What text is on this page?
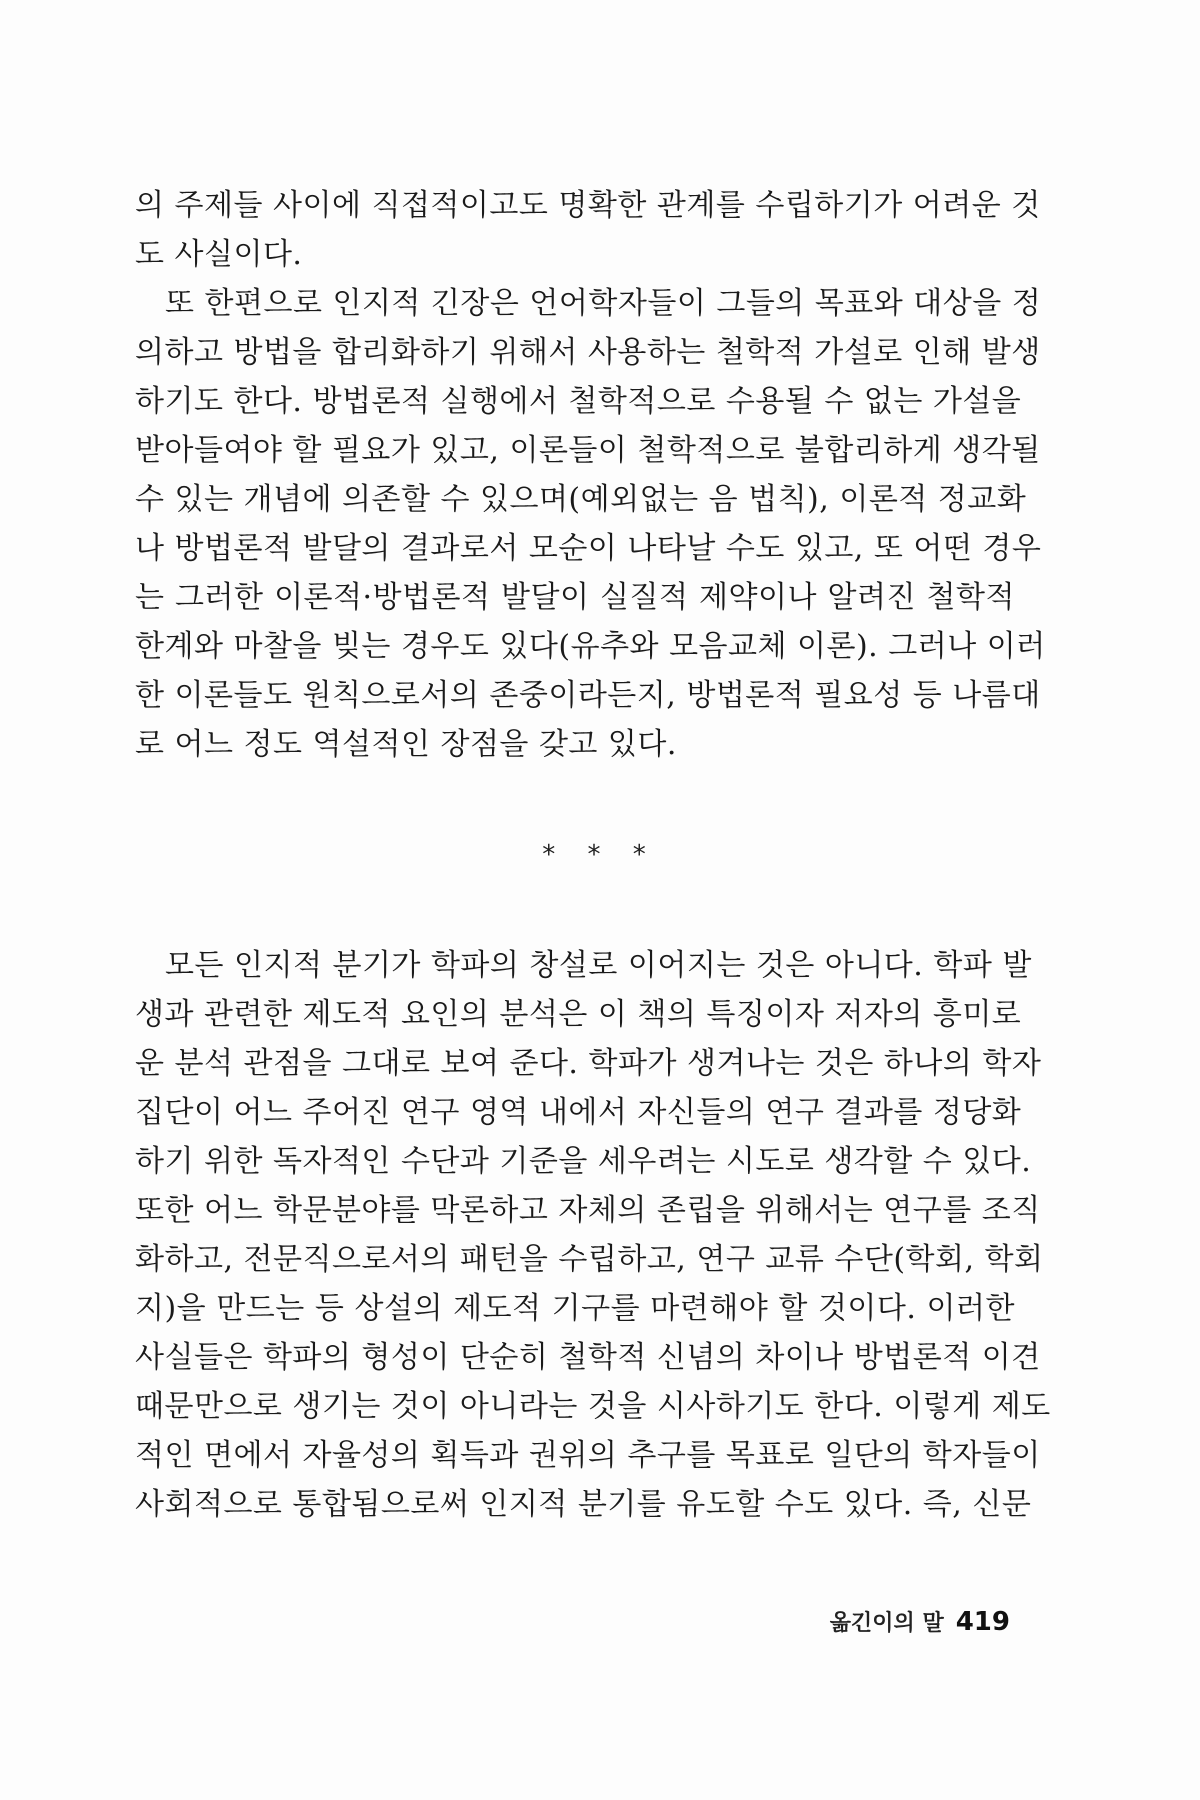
의 주제들 사이에 직접적이고도 명확한 관계를 수립하기가 어려운 것
도 사실이다.
또 한편으로 인지적 긴장은 언어학자들이 그들의 목표와 대상을 정
의하고 방법을 합리화하기 위해서 사용하는 철학적 가설로 인해 발생
하기도 한다. 방법론적 실행에서 철학적으로 수용될 수 없는 가설을
받아들여야 할 필요가 있고, 이론들이 철학적으로 불합리하게 생각될
수 있는 개념에 의존할 수 있으며(예외없는 음 법칙), 이론적 정교화
나 방법론적 발달의 결과로서 모순이 나타날 수도 있고, 또 어떤 경우
는 그러한 이론적·방법론적 발달이 실질적 제약이나 알려진 철학적
한계와 마찰을 빚는 경우도 있다(유추와 모음교체 이론). 그러나 이러
한 이론들도 원칙으로서의 존중이라든지, 방법론적 필요성 등 나름대
로 어느 정도 역설적인 장점을 갖고 있다.
* * *
모든 인지적 분기가 학파의 창설로 이어지는 것은 아니다. 학파 발
생과 관련한 제도적 요인의 분석은 이 책의 특징이자 저자의 흥미로
운 분석 관점을 그대로 보여 준다. 학파가 생겨나는 것은 하나의 학자
집단이 어느 주어진 연구 영역 내에서 자신들의 연구 결과를 정당화
하기 위한 독자적인 수단과 기준을 세우려는 시도로 생각할 수 있다.
또한 어느 학문분야를 막론하고 자체의 존립을 위해서는 연구를 조직
화하고, 전문직으로서의 패턴을 수립하고, 연구 교류 수단(학회, 학회
지)을 만드는 등 상설의 제도적 기구를 마련해야 할 것이다. 이러한
사실들은 학파의 형성이 단순히 철학적 신념의 차이나 방법론적 이견
때문만으로 생기는 것이 아니라는 것을 시사하기도 한다. 이렇게 제도
적인 면에서 자율성의 획득과 권위의 추구를 목표로 일단의 학자들이
사회적으로 통합됨으로써 인지적 분기를 유도할 수도 있다. 즉, 신문
옮긴이의 말 419
